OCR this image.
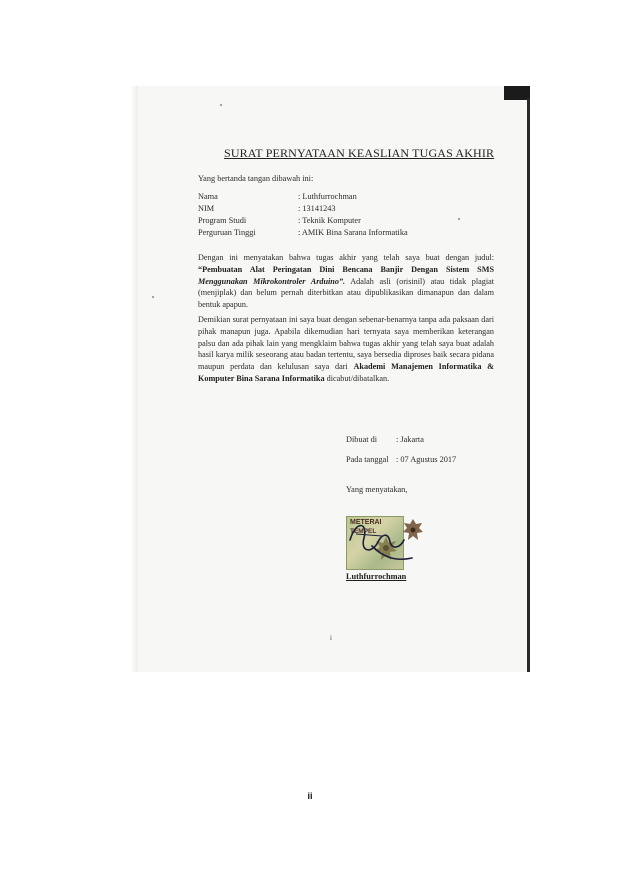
SURAT PERNYATAAN KEASLIAN TUGAS AKHIR
Yang bertanda tangan dibawah ini:
Nama	: Luthfurrochman
NIM	: 13141243
Program Studi	: Teknik Komputer
Perguruan Tinggi	: AMIK Bina Sarana Informatika
Dengan ini menyatakan bahwa tugas akhir yang telah saya buat dengan judul: “Pembuatan Alat Peringatan Dini Bencana Banjir Dengan Sistem SMS Menggunakan Mikrokontroler Arduino”. Adalah asli (orisinil) atau tidak plagiat (menjiplak) dan belum pernah diterbitkan atau dipublikasikan dimanapun dan dalam bentuk apapun.
Demikian surat pernyataan ini saya buat dengan sebenar-benarnya tanpa ada paksaan dari pihak manapun juga. Apabila dikemudian hari ternyata saya memberikan keterangan palsu dan ada pihak lain yang mengklaim bahwa tugas akhir yang telah saya buat adalah hasil karya milik seseorang atau badan tertentu, saya bersedia diproses baik secara pidana maupun perdata dan kelulusan saya dari Akademi Manajemen Informatika & Komputer Bina Sarana Informatika dicabut/dibatalkan.
Dibuat di : Jakarta
Pada tanggal : 07 Agustus 2017
Yang menyatakan,
METERAI
TEMPEL
Luthfurrochman
i
ii
